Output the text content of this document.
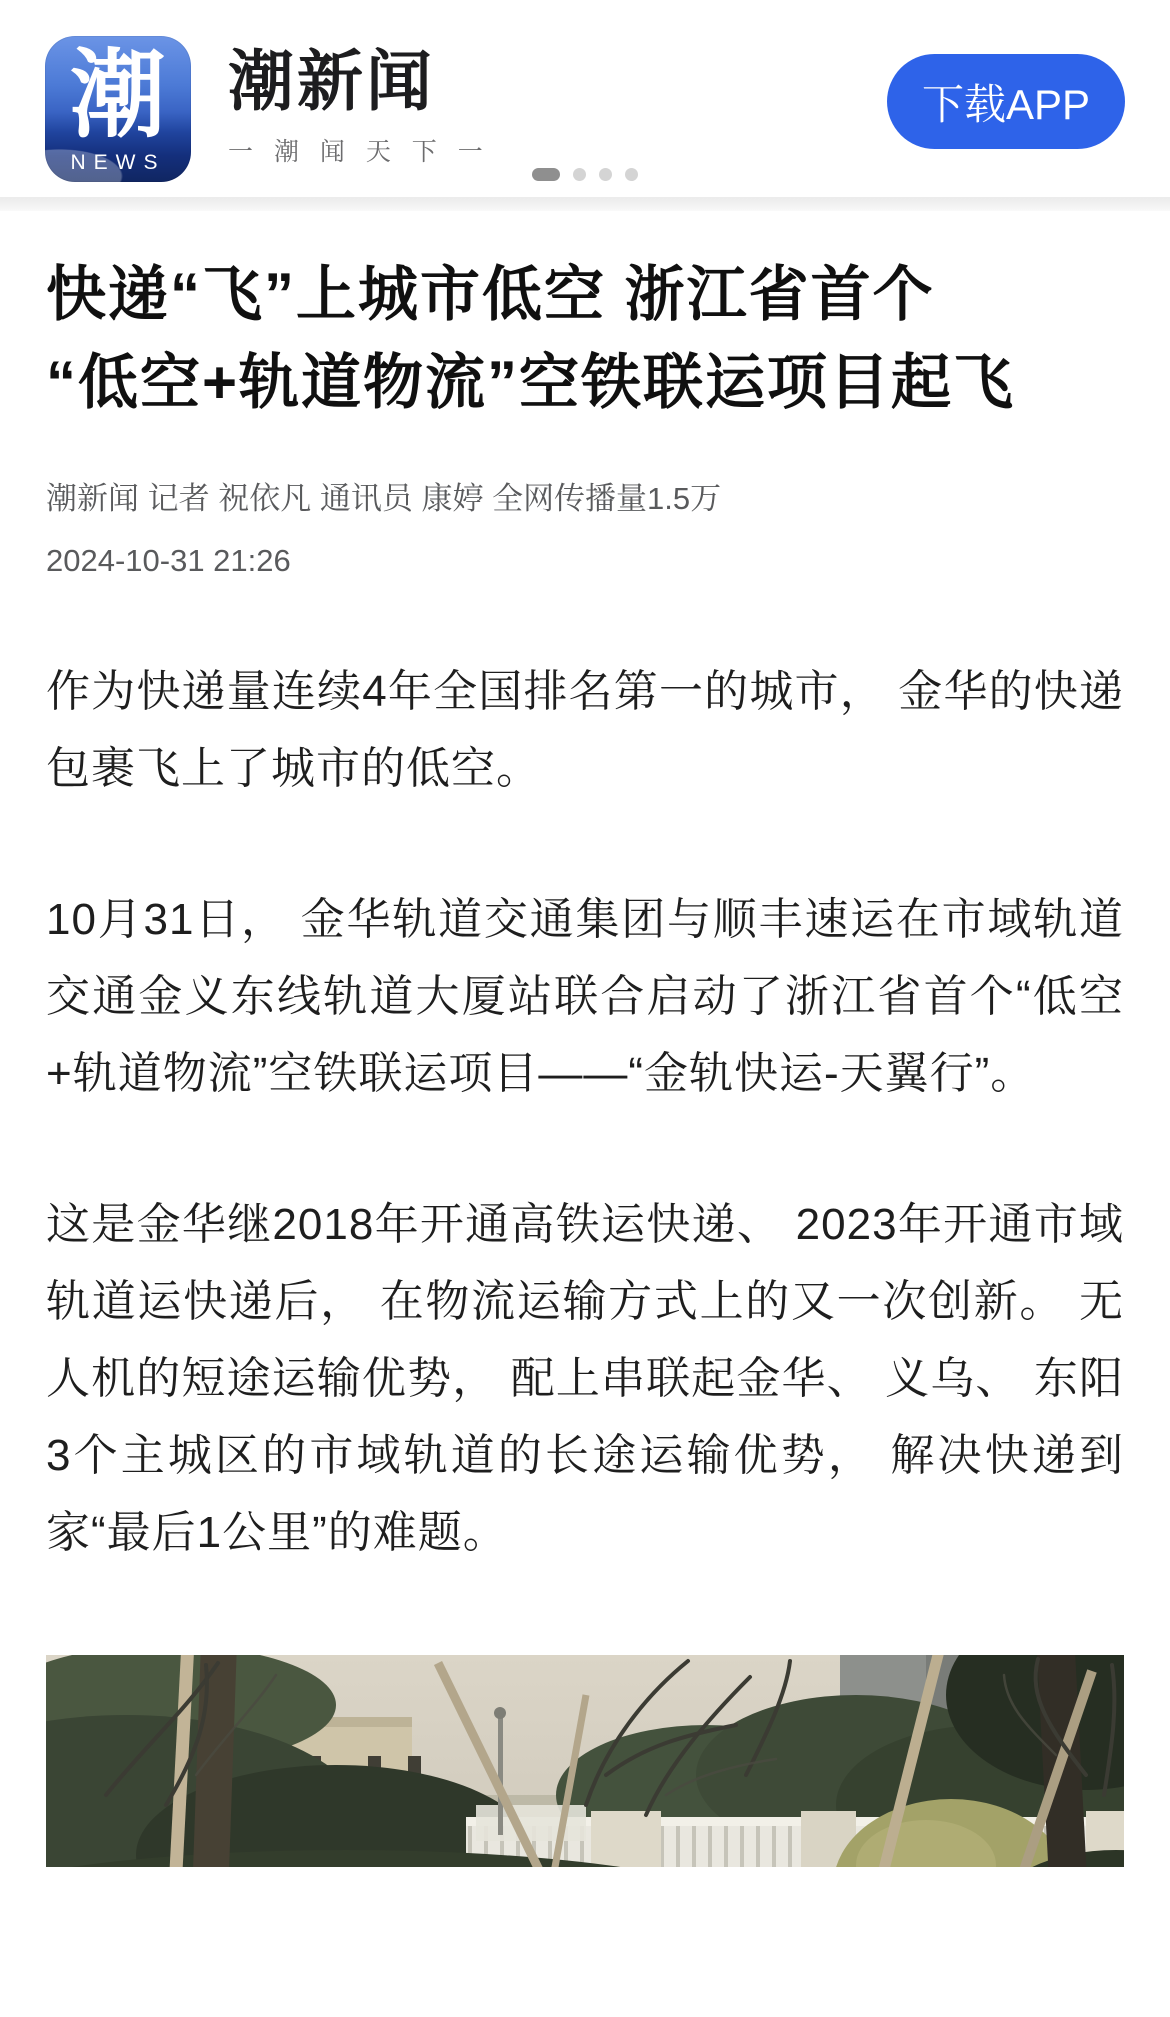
潮
NEWS
潮新闻
一 潮 闻 天 下 一
下载APP
快递“飞”上城市低空 浙江省首个
“低空+轨道物流”空铁联运项目起飞
潮新闻 记者 祝依凡 通讯员 康婷 全网传播量1.5万
2024-10-31 21:26

作为快递量连续4年全国排名第一的城市， 金华的快递包裹飞上了城市的低空。

10月31日， 金华轨道交通集团与顺丰速运在市域轨道交通金义东线轨道大厦站联合启动了浙江省首个“低空+轨道物流”空铁联运项目——“金轨快运-天翼行”。

这是金华继2018年开通高铁运快递、 2023年开通市域轨道运快递后， 在物流运输方式上的又一次创新。 无人机的短途运输优势， 配上串联起金华、 义乌、 东阳3个主城区的市域轨道的长途运输优势， 解决快递到家“最后1公里”的难题。
